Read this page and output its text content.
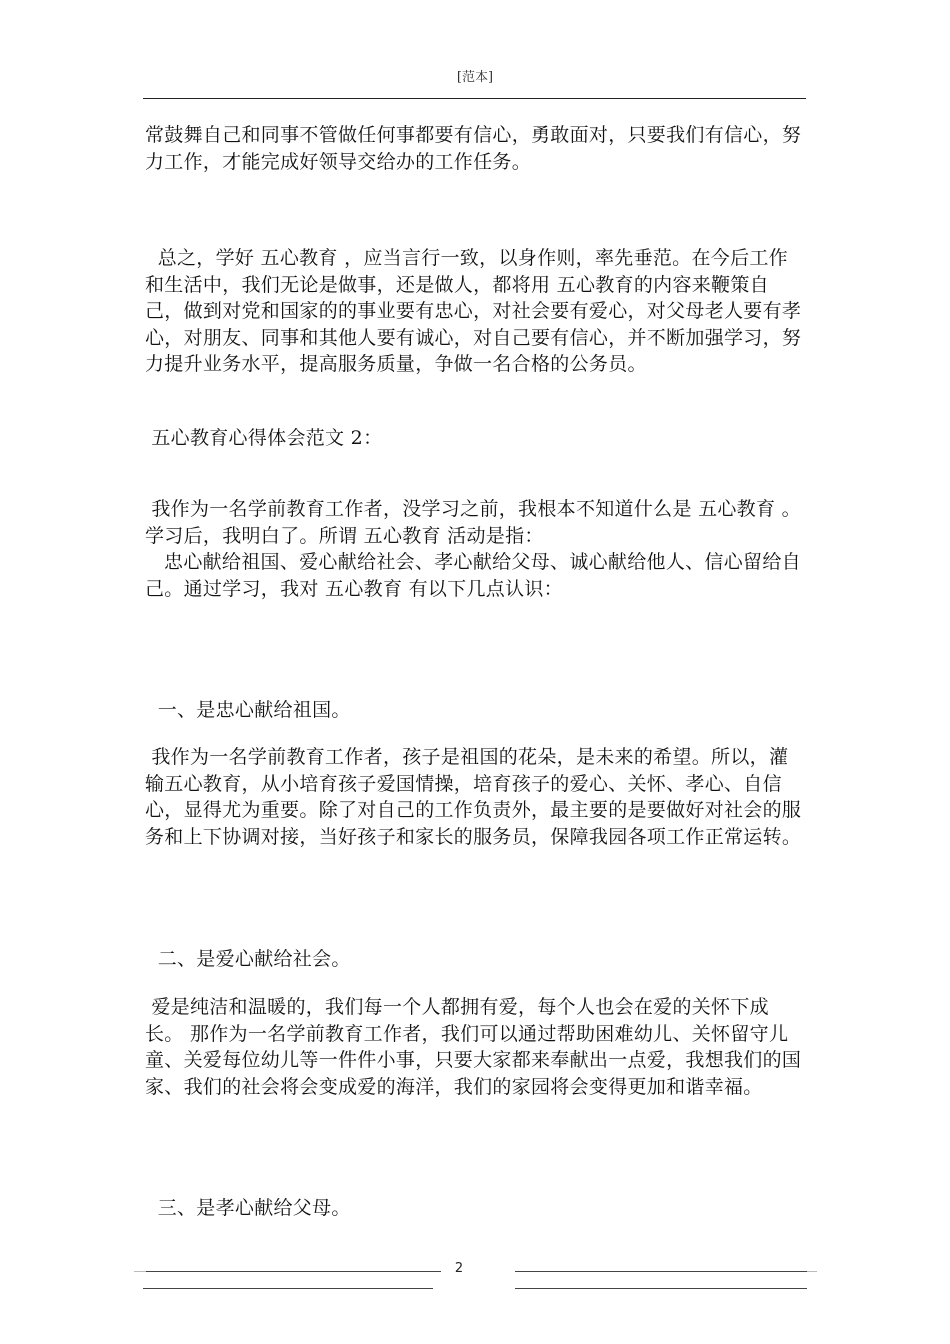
[范本]
常鼓舞自己和同事不管做任何事都要有信心，勇敢面对，只要我们有信心，努力工作，才能完成好领导交给办的工作任务。
总之，学好 五心教育 ，应当言行一致，以身作则，率先垂范。在今后工作和生活中，我们无论是做事，还是做人，都将用 五心教育的内容来鞭策自己，做到对党和国家的的事业要有忠心，对社会要有爱心，对父母老人要有孝心，对朋友、同事和其他人要有诚心，对自己要有信心，并不断加强学习，努力提升业务水平，提高服务质量，争做一名合格的公务员。
五心教育心得体会范文 2：
我作为一名学前教育工作者，没学习之前，我根本不知道什么是 五心教育 。学习后，我明白了。所谓 五心教育 活动是指：
忠心献给祖国、爱心献给社会、孝心献给父母、诚心献给他人、信心留给自己。通过学习，我对 五心教育 有以下几点认识：
一、是忠心献给祖国。
我作为一名学前教育工作者，孩子是祖国的花朵，是未来的希望。所以，灌输五心教育，从小培育孩子爱国情操，培育孩子的爱心、关怀、孝心、自信心，显得尤为重要。除了对自己的工作负责外，最主要的是要做好对社会的服务和上下协调对接，当好孩子和家长的服务员，保障我园各项工作正常运转。
二、是爱心献给社会。
爱是纯洁和温暖的，我们每一个人都拥有爱，每个人也会在爱的关怀下成长。 那作为一名学前教育工作者，我们可以通过帮助困难幼儿、关怀留守儿童、关爱每位幼儿等一件件小事，只要大家都来奉献出一点爱，我想我们的国家、我们的社会将会变成爱的海洋，我们的家园将会变得更加和谐幸福。
三、是孝心献给父母。
2
